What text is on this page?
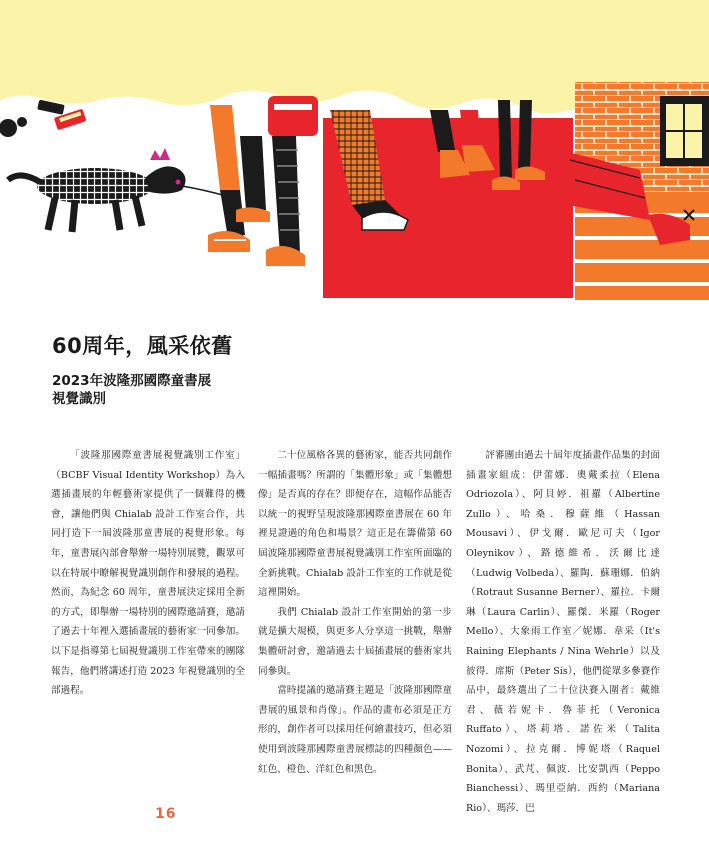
60周年，風采依舊
2023年波隆那國際童書展
視覺識別

「波隆那國際童書展視覺識別工作室」（BCBF Visual Identity Workshop）為入選插畫展的年輕藝術家提供了一個難得的機會，讓他們與 Chialab 設計工作室合作，共同打造下一屆波隆那童書展的視覺形象。每年，童書展內部會舉辦一場特別展覽，觀眾可以在特展中瞭解視覺識別創作和發展的過程。然而，為紀念 60 周年，童書展決定採用全新的方式，即舉辦一場特別的國際邀請賽，邀請了過去十年裡入選插畫展的藝術家一同參加。以下是指導第七屆視覺識別工作室帶來的團隊報告，他們將講述打造 2023 年視覺識別的全部過程。

二十位風格各異的藝術家，能否共同創作一幅插畫嗎？所謂的「集體形象」或「集體想像」是否真的存在？即便存在，這幅作品能否以統一的視野呈現波隆那國際童書展在 60 年裡見證過的角色和場景？這正是在籌備第 60 屆波隆那國際童書展視覺識別工作室所面臨的全新挑戰。Chialab 設計工作室的工作就是從這裡開始。

我們 Chialab 設計工作室開始的第一步就是擴大規模，與更多人分享這一挑戰，舉辦集體研討會，邀請過去十屆插畫展的藝術家共同參與。

當時提議的邀請賽主題是「波隆那國際童書展的風景和肖像」。作品的畫布必須是正方形的，創作者可以採用任何繪畫技巧，但必須使用到波隆那國際童書展標誌的四種顏色——紅色、橙色、洋紅色和黑色。

評審團由過去十屆年度插畫作品集的封面插畫家組成：伊蕾娜．奧戴柔拉（Elena Odriozola）、阿貝婷．祖羅（Albertine Zullo）、哈桑．穆薩維（Hassan Mousavi）、伊戈爾．歐尼可夫（Igor Oleynikov）、路德維希．沃爾比達（Ludwig Volbeda）、羅陶．蘇珊娜．伯納（Rotraut Susanne Berner）、羅拉．卡爾琳（Laura Carlin）、羅傑．米羅（Roger Mello）、大象雨工作室／妮娜．韋采（It's Raining Elephants / Nina Wehrle）以及彼得．席斯（Peter Sís），他們從眾多參賽作品中，最終選出了二十位決賽入圍者：戴維君、薇若妮卡．魯菲托（Veronica Ruffato）、塔莉塔．諾佐米（Talita Nozomi）、拉克爾．博妮塔（Raquel Bonita）、武芃、佩波．比安凱西（Peppo Bianchessi）、瑪里亞納．西約（Mariana Rio）、瑪莎．巴

16
